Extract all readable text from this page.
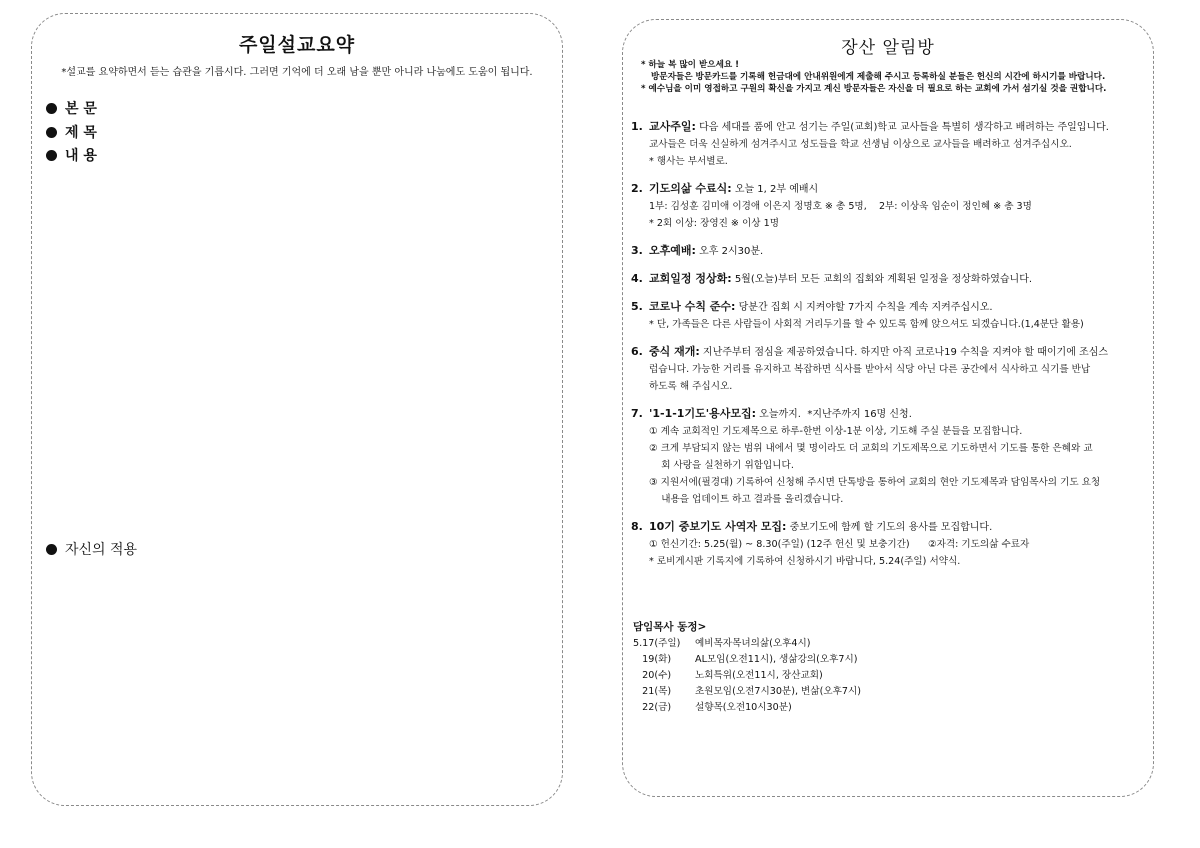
주일설교요약
*설교를 요약하면서 듣는 습관을 기릅시다. 그러면 기억에 더 오래 남을 뿐만 아니라 나눔에도 도움이 됩니다.
본 문
제 목
내 용
자신의 적용
장산 알림방
* 하늘 복 많이 받으세요 !
방문자들은 방문카드를 기록해 헌금대에 안내위원에게 제출해 주시고 등록하실 분들은 헌신의 시간에 하시기를 바랍니다.
* 예수님을 이미 영접하고 구원의 확신을 가지고 계신 방문자들은 자신을 더 필요로 하는 교회에 가서 섬기실 것을 권합니다.
1. 교사주일: 다음 세대를 품에 안고 섬기는 주일(교회)학교 교사들을 특별히 생각하고 배려하는 주일입니다.
교사들은 더욱 신실하게 섬겨주시고 성도들을 학교 선생님 이상으로 교사들을 배려하고 섬겨주십시오.
* 행사는 부서별로.
2. 기도의삶 수료식: 오늘 1, 2부 예배시
1부: 김성훈 김미애 이경애 이은지 정명호 ※ 총 5명,    2부: 이상욱 임순이 정인혜 ※ 총 3명
* 2회 이상: 장영진 ※ 이상 1명
3. 오후예배: 오후 2시30분.
4. 교회일정 정상화: 5월(오늘)부터 모든 교회의 집회와 계획된 일정을 정상화하였습니다.
5. 코로나 수칙 준수: 당분간 집회 시 지켜야할 7가지 수칙을 계속 지켜주십시오.
* 단, 가족들은 다른 사람들이 사회적 거리두기를 할 수 있도록 함께 앉으셔도 되겠습니다.(1,4분단 활용)
6. 중식 재개: 지난주부터 점심을 제공하였습니다. 하지만 아직 코로나19 수칙을 지켜야 할 때이기에 조심스
럽습니다. 가능한 거리를 유지하고 복잡하면 식사를 받아서 식당 아닌 다른 공간에서 식사하고 식기를 반납
하도록 해 주십시오.
7. '1-1-1기도'용사모집: 오늘까지.  *지난주까지 16명 신청.
① 계속 교회적인 기도제목으로 하루-한번 이상-1분 이상, 기도해 주실 분들을 모집합니다.
② 크게 부담되지 않는 범위 내에서 몇 명이라도 더 교회의 기도제목으로 기도하면서 기도를 통한 은혜와 교
회 사랑을 실천하기 위함입니다.
③ 지원서에(필경대) 기록하여 신청해 주시면 단톡방을 통하여 교회의 현안 기도제목과 담임목사의 기도 요청
내용을 업데이트 하고 결과를 올리겠습니다.
8. 10기 중보기도 사역자 모집: 중보기도에 함께 할 기도의 용사를 모집합니다.
① 헌신기간: 5.25(월) ~ 8.30(주일) (12주 헌신 및 보충기간)      ②자격: 기도의삶 수료자
* 로비게시판 기록지에 기록하여 신청하시기 바랍니다, 5.24(주일) 서약식.
담임목사 동정>
5.17(주일)	예비목자목녀의삶(오후4시)
19(화)	AL모임(오전11시), 생삶강의(오후7시)
20(수)	노회특위(오전11시, 장산교회)
21(목)	초원모임(오전7시30분), 변삶(오후7시)
22(금)	설향목(오전10시30분)
